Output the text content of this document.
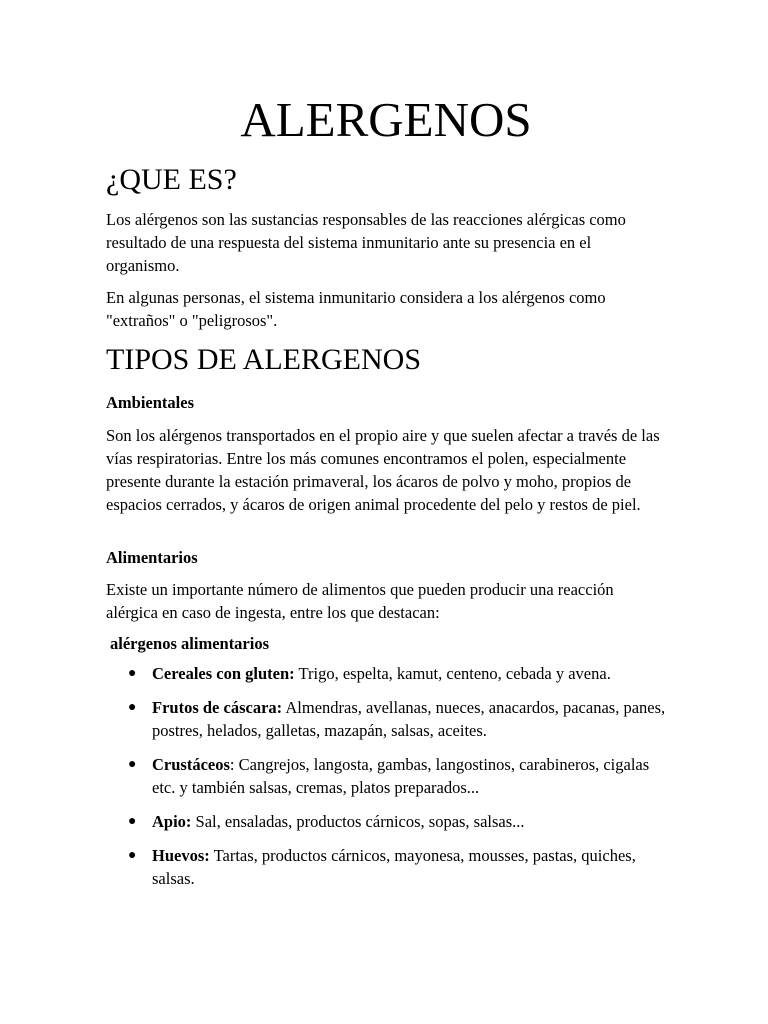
ALERGENOS
¿QUE ES?

Los alérgenos son las sustancias responsables de las reacciones alérgicas como resultado de una respuesta del sistema inmunitario ante su presencia en el organismo.

En algunas personas, el sistema inmunitario considera a los alérgenos como "extraños" o "peligrosos".

TIPOS DE ALERGENOS

Ambientales

Son los alérgenos transportados en el propio aire y que suelen afectar a través de las vías respiratorias. Entre los más comunes encontramos el polen, especialmente presente durante la estación primaveral, los ácaros de polvo y moho, propios de espacios cerrados, y ácaros de origen animal procedente del pelo y restos de piel.

Alimentarios

Existe un importante número de alimentos que pueden producir una reacción alérgica en caso de ingesta, entre los que destacan:

alérgenos alimentarios

● Cereales con gluten: Trigo, espelta, kamut, centeno, cebada y avena.
● Frutos de cáscara: Almendras, avellanas, nueces, anacardos, pacanas, panes, postres, helados, galletas, mazapán, salsas, aceites.
● Crustáceos: Cangrejos, langosta, gambas, langostinos, carabineros, cigalas etc. y también salsas, cremas, platos preparados...
● Apio: Sal, ensaladas, productos cárnicos, sopas, salsas...
● Huevos: Tartas, productos cárnicos, mayonesa, mousses, pastas, quiches, salsas.
